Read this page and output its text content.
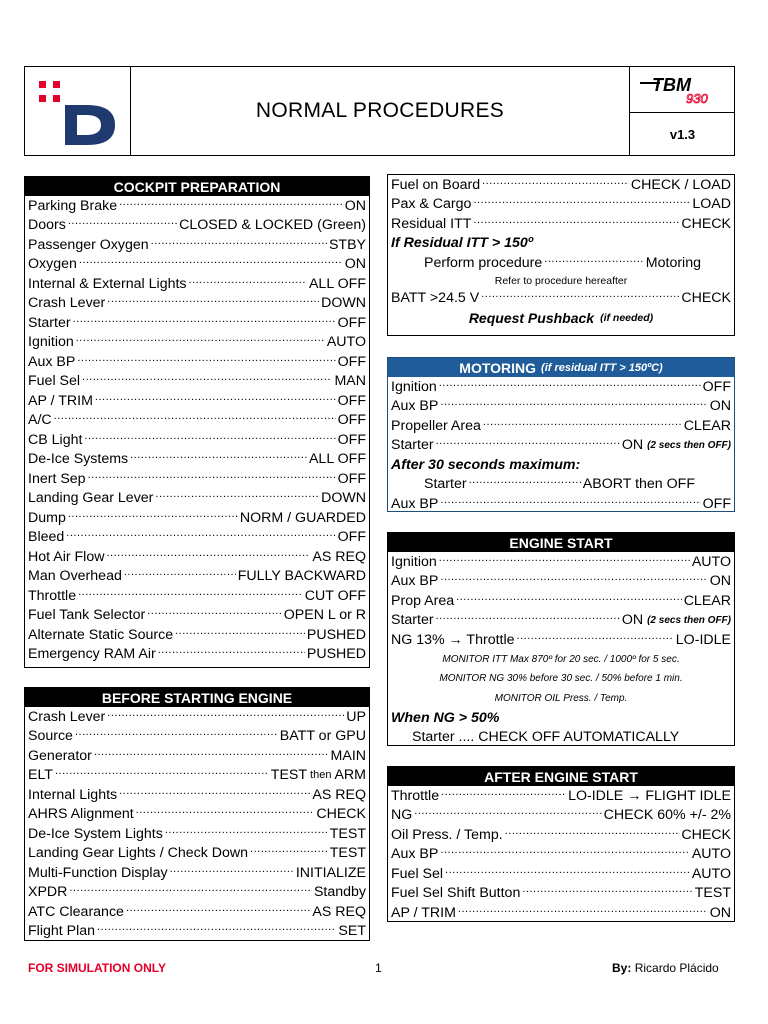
NORMAL PROCEDURES
TBM
930
v1.3
COCKPIT PREPARATION
Parking Brake .....	ON
Doors .....	CLOSED & LOCKED (Green)
Passenger Oxygen .....	STBY
Oxygen .....	ON
Internal & External Lights .....	ALL OFF
Crash Lever .....	DOWN
Starter .....	OFF
Ignition .....	AUTO
Aux BP .....	OFF
Fuel Sel .....	MAN
AP / TRIM .....	OFF
A/C .....	OFF
CB Light .....	OFF
De-Ice Systems .....	ALL OFF
Inert Sep .....	OFF
Landing Gear Lever .....	DOWN
Dump .....	NORM / GUARDED
Bleed .....	OFF
Hot Air Flow .....	AS REQ
Man Overhead .....	FULLY BACKWARD
Throttle .....	CUT OFF
Fuel Tank Selector .....	OPEN L or R
Alternate Static Source .....	PUSHED
Emergency RAM Air .....	PUSHED
BEFORE STARTING ENGINE
Crash Lever .....	UP
Source .....	BATT or GPU
Generator .....	MAIN
ELT .....	TEST then ARM
Internal Lights .....	AS REQ
AHRS Alignment .....	CHECK
De-Ice System Lights .....	TEST
Landing Gear Lights / Check Down .....	TEST
Multi-Function Display .....	INITIALIZE
XPDR .....	Standby
ATC Clearance .....	AS REQ
Flight Plan .....	SET
Fuel on Board .....	CHECK / LOAD
Pax & Cargo .....	LOAD
Residual ITT .....	CHECK
If Residual ITT > 150º
Perform procedure .....	Motoring
Refer to procedure hereafter
BATT >24.5 V .....	CHECK
Request Pushback (if needed)
MOTORING (if residual ITT > 150ºC)
Ignition .....	OFF
Aux BP .....	ON
Propeller Area .....	CLEAR
Starter .....	ON (2 secs then OFF)
After 30 seconds maximum:
Starter .....	ABORT then OFF
Aux BP .....	OFF
ENGINE START
Ignition .....	AUTO
Aux BP .....	ON
Prop Area .....	CLEAR
Starter .....	ON (2 secs then OFF)
NG 13% → Throttle .....	LO-IDLE
MONITOR ITT Max 870º for 20 sec. / 1000º for 5 sec.
MONITOR NG 30% before 30 sec. / 50% before 1 min.
MONITOR OIL Press. / Temp.
When NG > 50%
Starter .... CHECK OFF AUTOMATICALLY
AFTER ENGINE START
Throttle .....	LO-IDLE → FLIGHT IDLE
NG .....	CHECK 60% +/- 2%
Oil Press. / Temp. .....	CHECK
Aux BP .....	AUTO
Fuel Sel .....	AUTO
Fuel Sel Shift Button .....	TEST
AP / TRIM .....	ON
FOR SIMULATION ONLY	1	By: Ricardo Plácido
